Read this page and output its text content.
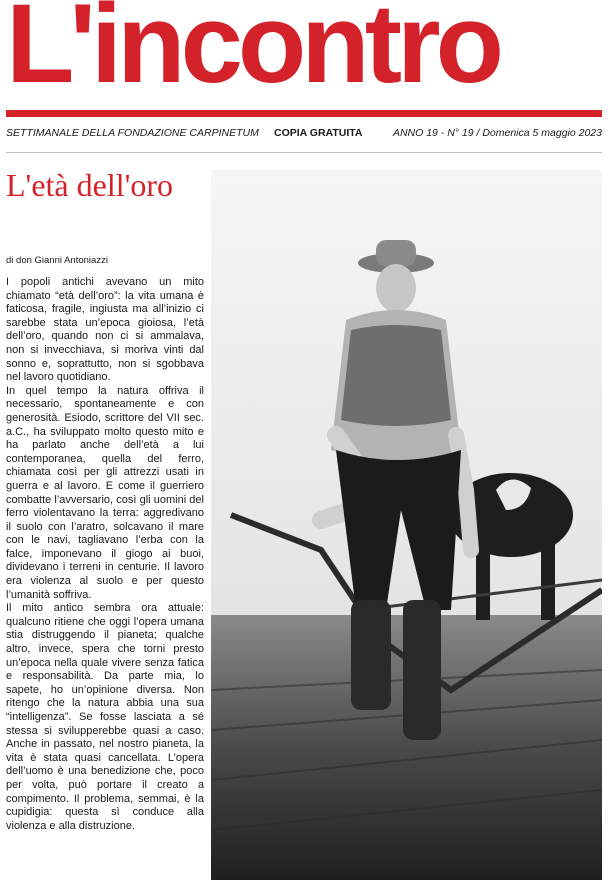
L'incontro
SETTIMANALE DELLA FONDAZIONE CARPINETUM COPIA GRATUITA	ANNO 19 - N° 19 / Domenica 5 maggio 2023
L'età dell'oro
di don Gianni Antoniazzi

I popoli antichi avevano un mito chiamato “età dell’oro”: la vita umana è faticosa, fragile, ingiusta ma all’inizio ci sarebbe stata un’epoca gioiosa, l’età dell’oro, quando non ci si ammalava, non si invecchiava, si moriva vinti dal sonno e, soprattutto, non si sgobbava nel lavoro quotidiano.

In quel tempo la natura offriva il necessario, spontaneamente e con generosità. Esiodo, scrittore del VII sec. a.C., ha sviluppato molto questo mito e ha parlato anche dell’età a lui contemporanea, quella del ferro, chiamata così per gli attrezzi usati in guerra e al lavoro. E come il guerriero combatte l’avversario, così gli uomini del ferro violentavano la terra: aggredivano il suolo con l’aratro, solcavano il mare con le navi, tagliavano l’erba con la falce, imponevano il giogo ai buoi, dividevano i terreni in centurie. Il lavoro era violenza al suolo e per questo l’umanità soffriva.

Il mito antico sembra ora attuale: qualcuno ritiene che oggi l’opera umana stia distruggendo il pianeta; qualche altro, invece, spera che torni presto un’epoca nella quale vivere senza fatica e responsabilità. Da parte mia, lo sapete, ho un’opinione diversa. Non ritengo che la natura abbia una sua “intelligenza”. Se fosse lasciata a sé stessa si svilupperebbe quasi a caso. Anche in passato, nel nostro pianeta, la vita è stata quasi cancellata. L’opera dell’uomo è una benedizione che, poco per volta, può portare il creato a compimento. Il problema, semmai, è la cupidigia: questa sì conduce alla violenza e alla distruzione.
